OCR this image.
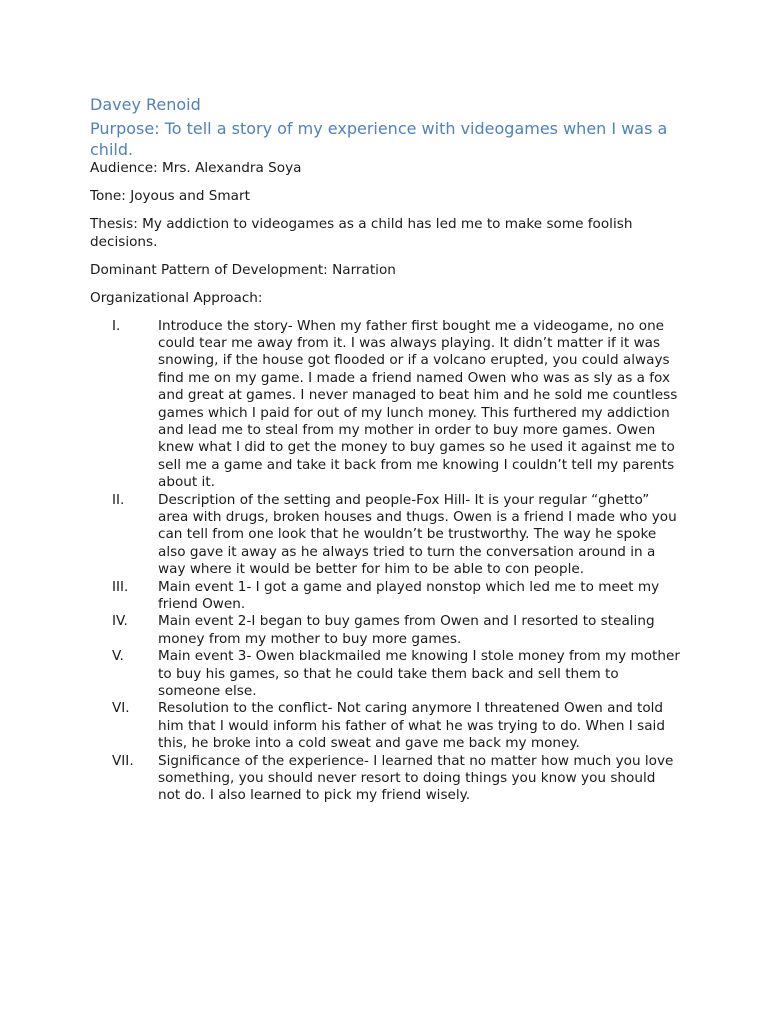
Davey Renoid

Purpose: To tell a story of my experience with videogames when I was a child.

Audience: Mrs. Alexandra Soya

Tone: Joyous and Smart

Thesis: My addiction to videogames as a child has led me to make some foolish decisions.

Dominant Pattern of Development: Narration

Organizational Approach:

I.	Introduce the story- When my father first bought me a videogame, no one could tear me away from it. I was always playing. It didn’t matter if it was snowing, if the house got flooded or if a volcano erupted, you could always find me on my game. I made a friend named Owen who was as sly as a fox and great at games. I never managed to beat him and he sold me countless games which I paid for out of my lunch money. This furthered my addiction and lead me to steal from my mother in order to buy more games. Owen knew what I did to get the money to buy games so he used it against me to sell me a game and take it back from me knowing I couldn’t tell my parents about it.
II. Description of the setting and people-Fox Hill- It is your regular “ghetto” area with drugs, broken houses and thugs. Owen is a friend I made who you can tell from one look that he wouldn’t be trustworthy. The way he spoke also gave it away as he always tried to turn the conversation around in a way where it would be better for him to be able to con people.
III. Main event 1- I got a game and played nonstop which led me to meet my friend Owen.
IV. Main event 2-I began to buy games from Owen and I resorted to stealing money from my mother to buy more games.
V.	Main event 3- Owen blackmailed me knowing I stole money from my mother to buy his games, so that he could take them back and sell them to someone else.
VI. Resolution to the conflict- Not caring anymore I threatened Owen and told him that I would inform his father of what he was trying to do. When I said this, he broke into a cold sweat and gave me back my money.
VII. Significance of the experience- I learned that no matter how much you love something, you should never resort to doing things you know you should not do. I also learned to pick my friend wisely.
